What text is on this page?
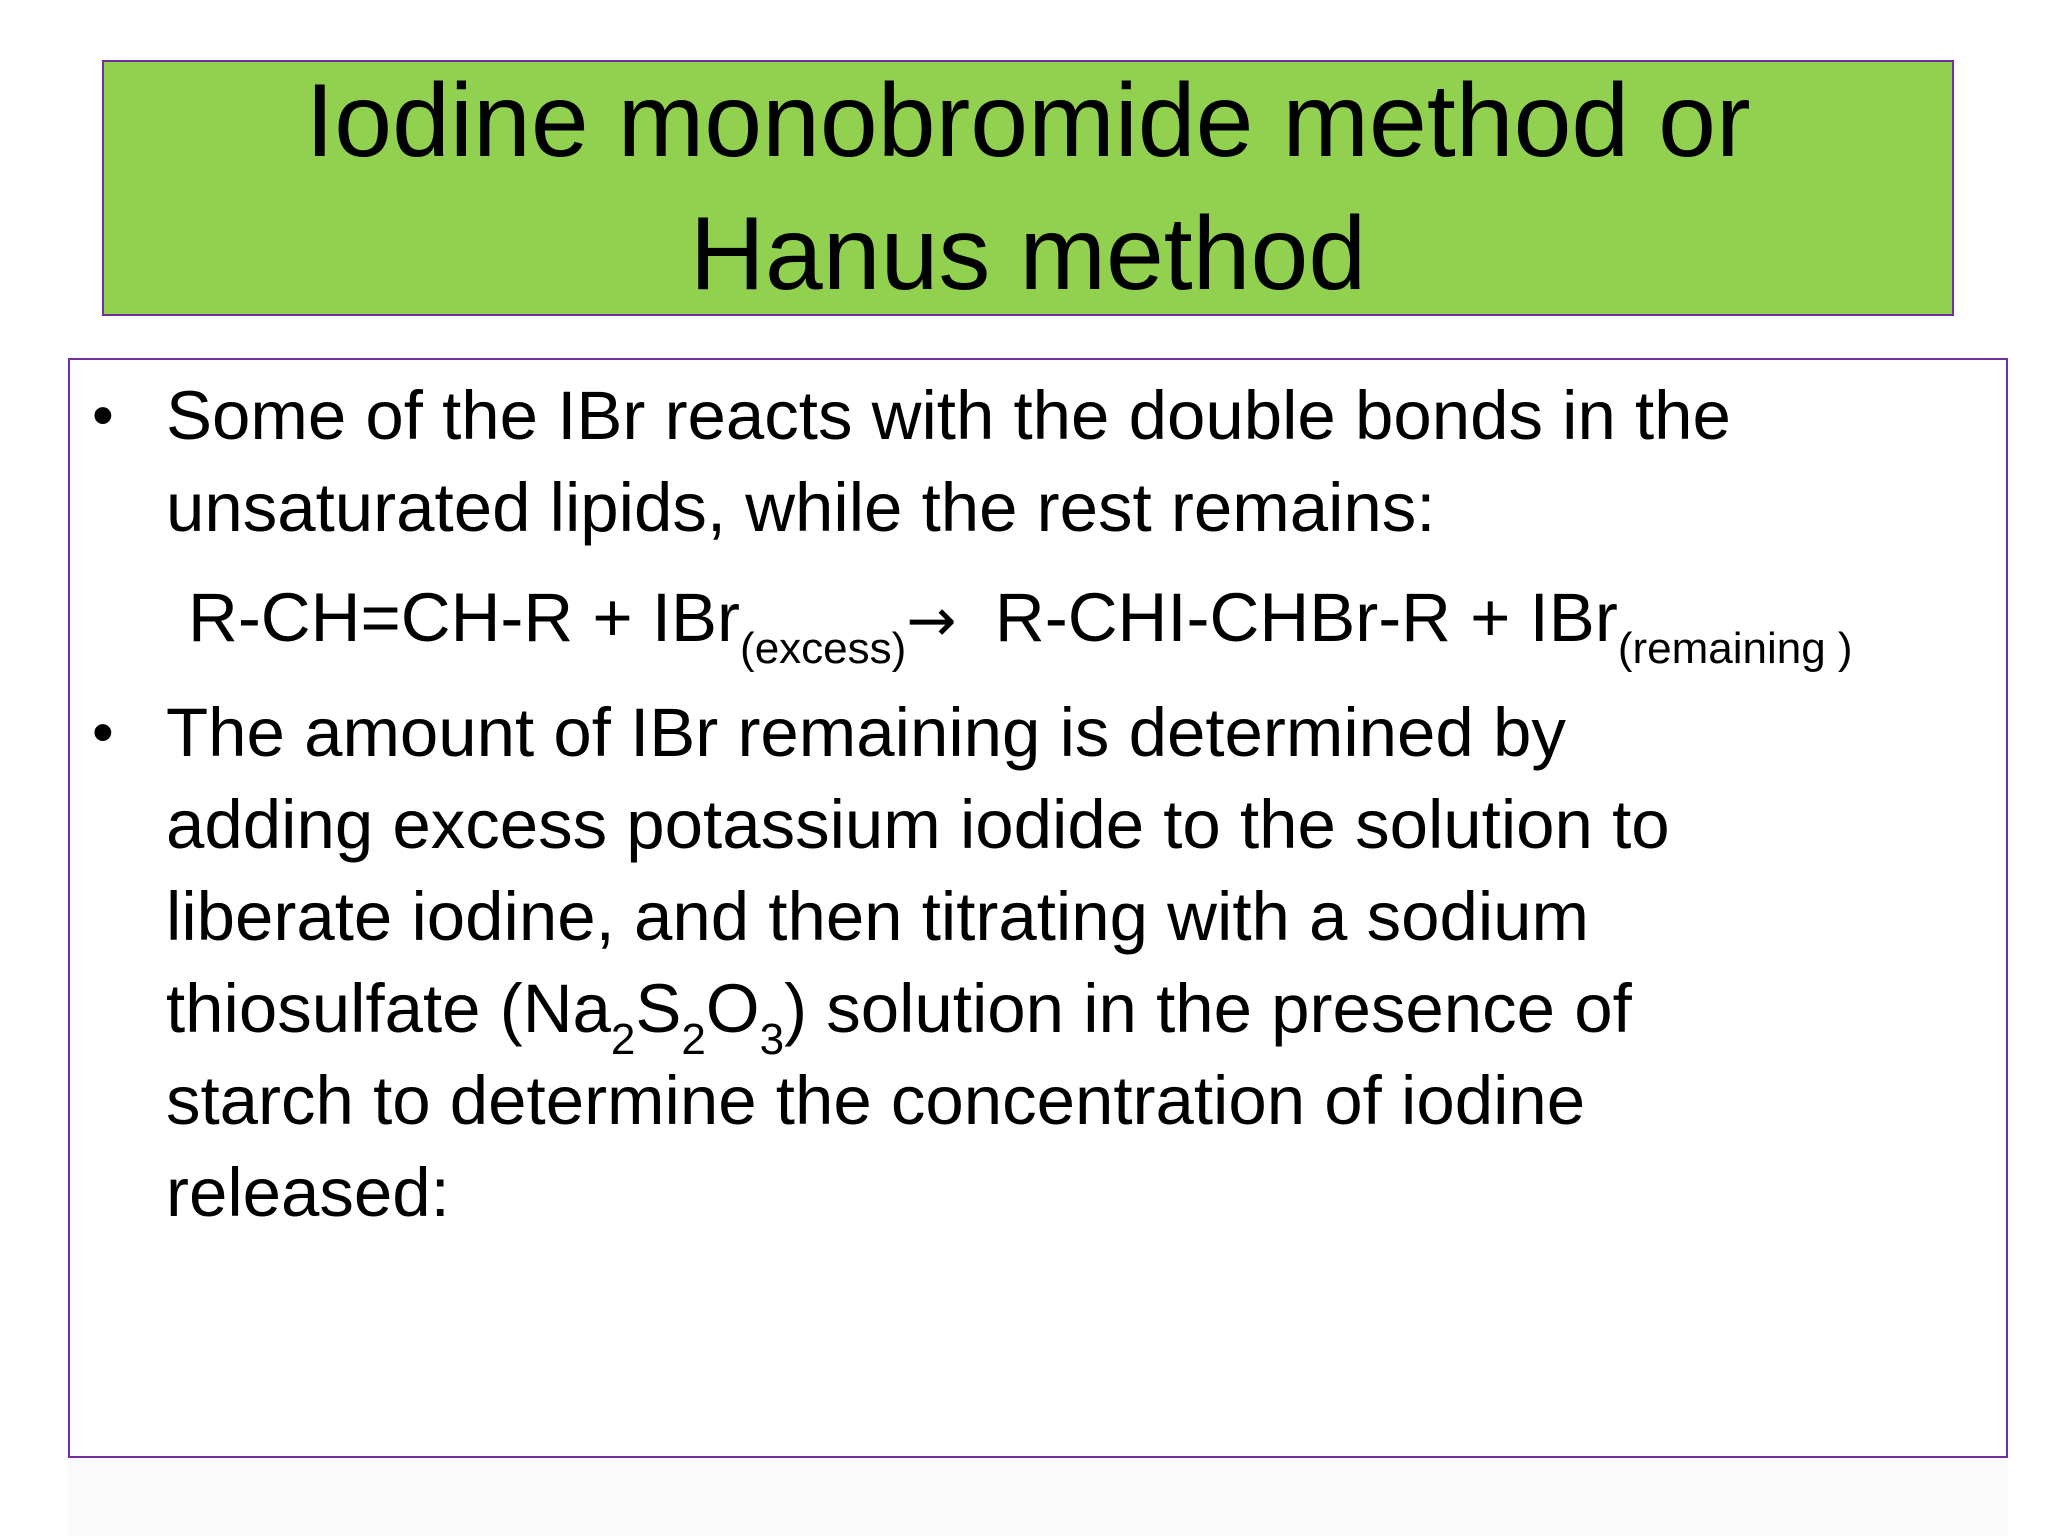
Iodine monobromide method or
Hanus method
• Some of the IBr reacts with the double bonds in the
unsaturated lipids, while the rest remains:
R-CH=CH-R + IBr$_{(excess)}$→ R-CHI-CHBr-R + IBr$_{(remaining )}$
• The amount of IBr remaining is determined by
adding excess potassium iodide to the solution to
liberate iodine, and then titrating with a sodium
thiosulfate $(Na_2S_2O_3)$ solution in the presence of
starch to determine the concentration of iodine
released:
